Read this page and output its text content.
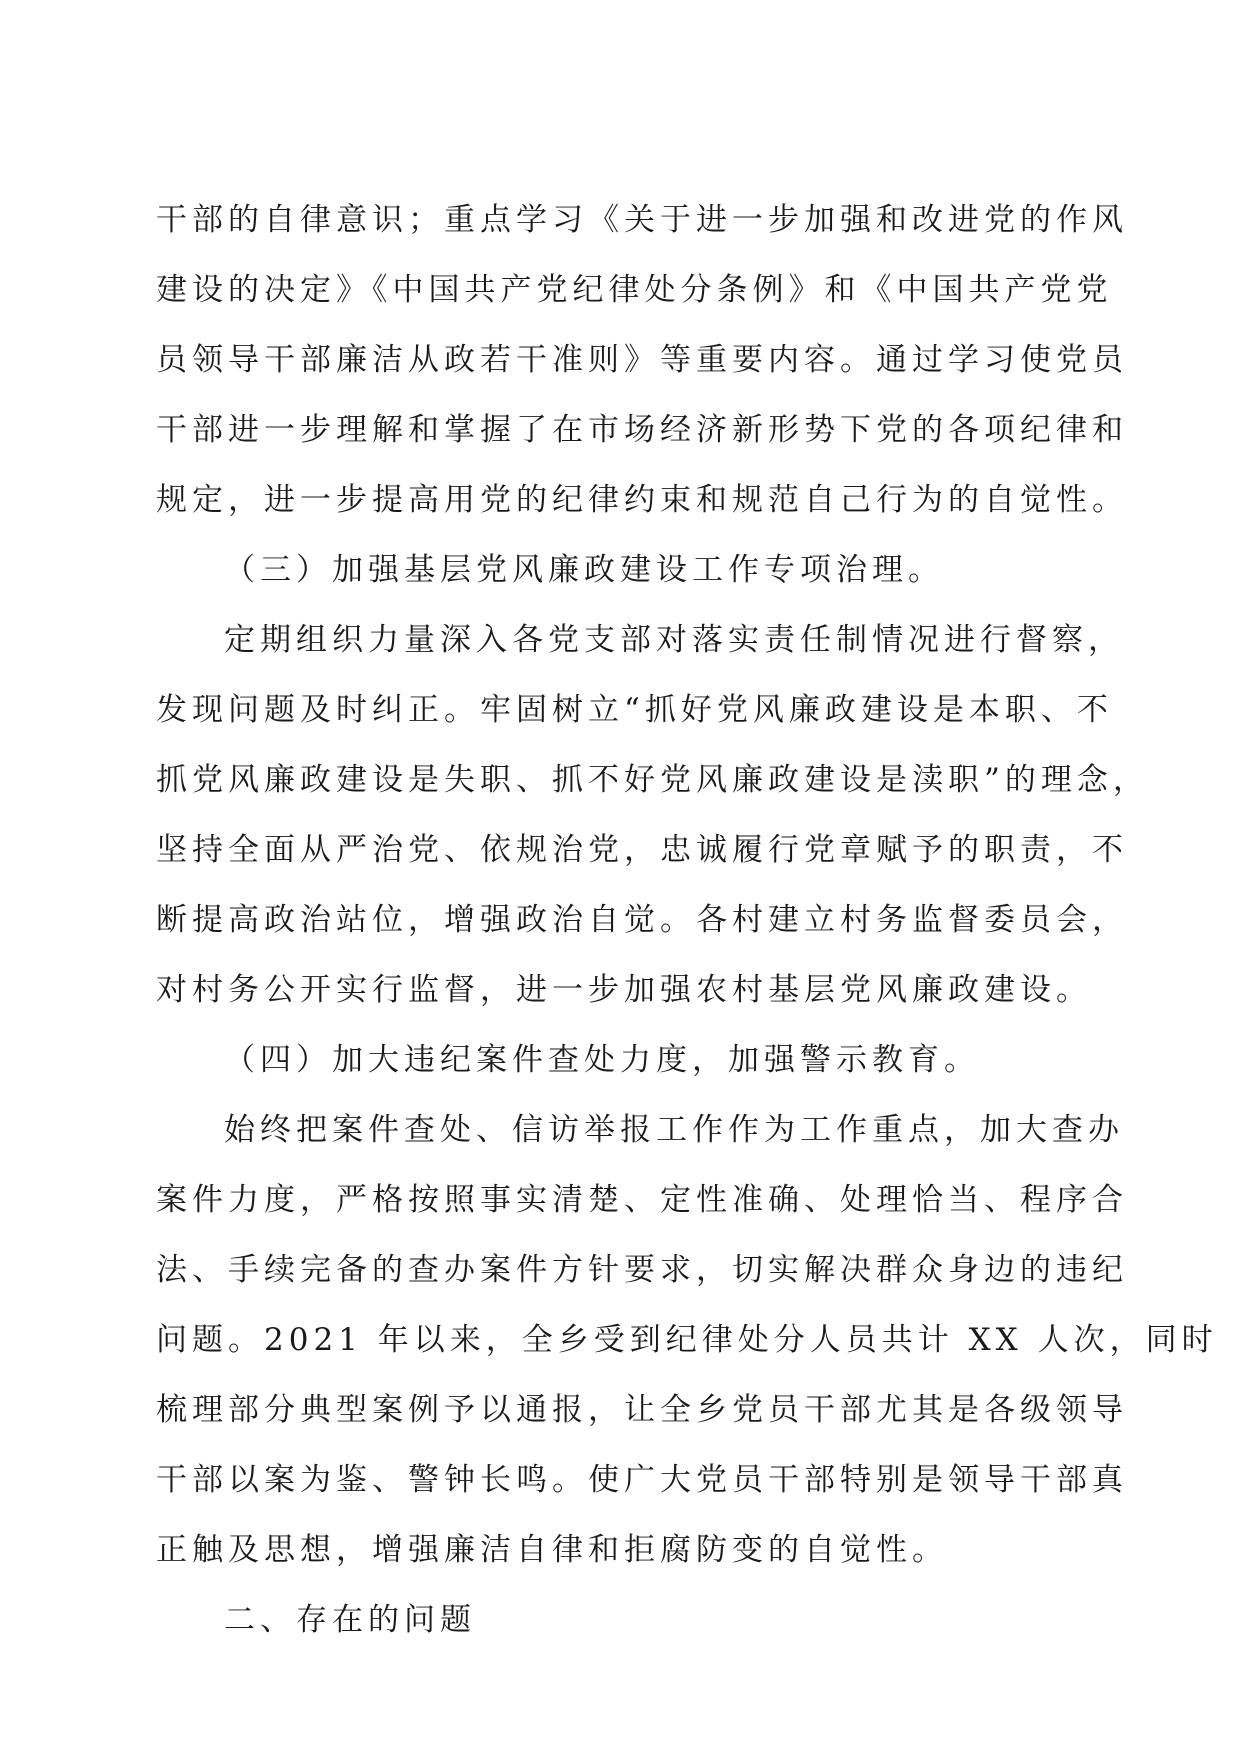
干部的自律意识；重点学习《关于进一步加强和改进党的作风
建设的决定》《中国共产党纪律处分条例》和《中国共产党党
员领导干部廉洁从政若干准则》等重要内容。通过学习使党员
干部进一步理解和掌握了在市场经济新形势下党的各项纪律和
规定，进一步提高用党的纪律约束和规范自己行为的自觉性。
（三）加强基层党风廉政建设工作专项治理。
定期组织力量深入各党支部对落实责任制情况进行督察，
发现问题及时纠正。牢固树立“抓好党风廉政建设是本职、不
抓党风廉政建设是失职、抓不好党风廉政建设是渎职”的理念，
坚持全面从严治党、依规治党，忠诚履行党章赋予的职责，不
断提高政治站位，增强政治自觉。各村建立村务监督委员会，
对村务公开实行监督，进一步加强农村基层党风廉政建设。
（四）加大违纪案件查处力度，加强警示教育。
始终把案件查处、信访举报工作作为工作重点，加大查办
案件力度，严格按照事实清楚、定性准确、处理恰当、程序合
法、手续完备的查办案件方针要求，切实解决群众身边的违纪
问题。2021 年以来，全乡受到纪律处分人员共计 XX 人次，同时
梳理部分典型案例予以通报，让全乡党员干部尤其是各级领导
干部以案为鉴、警钟长鸣。使广大党员干部特别是领导干部真
正触及思想，增强廉洁自律和拒腐防变的自觉性。
二、存在的问题
